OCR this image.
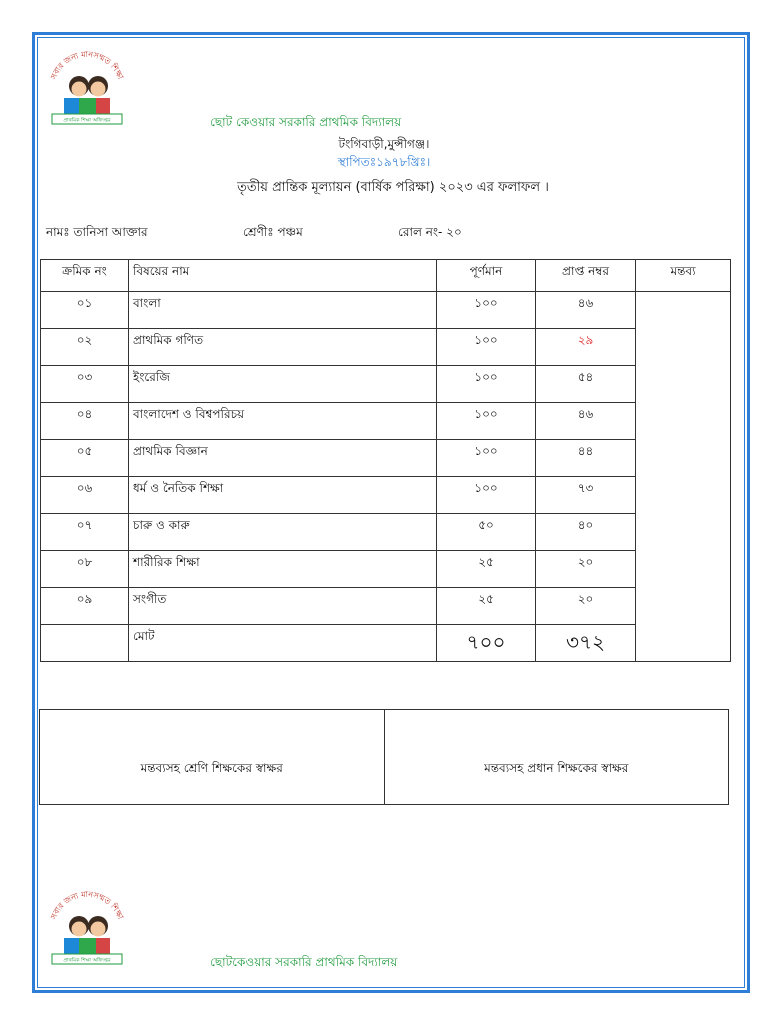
সবার জন্য মানসম্মত শিক্ষা
প্রাথমিক শিক্ষা অধিদপ্তর	ছোট কেওয়ার সরকারি প্রাথমিক বিদ্যালয়
টংগিবাড়ী,মুন্সীগঞ্জ।
স্থাপিতঃ১৯৭৮খ্রিঃ।
তৃতীয় প্রান্তিক মূল্যায়ন (বার্ষিক পরিক্ষা) ২০২৩ এর ফলাফল ।
নামঃ তানিসা আক্তার	শ্রেণীঃ পঞ্চম	রোল নং- ২০
ক্রমিক নং	বিষয়ের নাম	পূর্ণমান	প্রাপ্ত নম্বর	মন্তব্য
০১	বাংলা	১০০	৪৬	
০২	প্রাথমিক গণিত	১০০	২৯	
০৩	ইংরেজি	১০০	৫৪	
০৪	বাংলাদেশ ও বিশ্বপরিচয়	১০০	৪৬	
০৫	প্রাথমিক বিজ্ঞান	১০০	৪৪	
০৬	ধর্ম ও নৈতিক শিক্ষা	১০০	৭৩	
০৭	চারু ও কারু	৫০	৪০	
০৮	শারীরিক শিক্ষা	২৫	২০	
০৯	সংগীত	২৫	২০	
	মোট	৭০০	৩৭২	
মন্তব্যসহ শ্রেণি শিক্ষকের স্বাক্ষর	মন্তব্যসহ প্রধান শিক্ষকের স্বাক্ষর
সবার জন্য মানসম্মত শিক্ষা
প্রাথমিক শিক্ষা অধিদপ্তর	ছোটকেওয়ার সরকারি প্রাথমিক বিদ্যালয়
